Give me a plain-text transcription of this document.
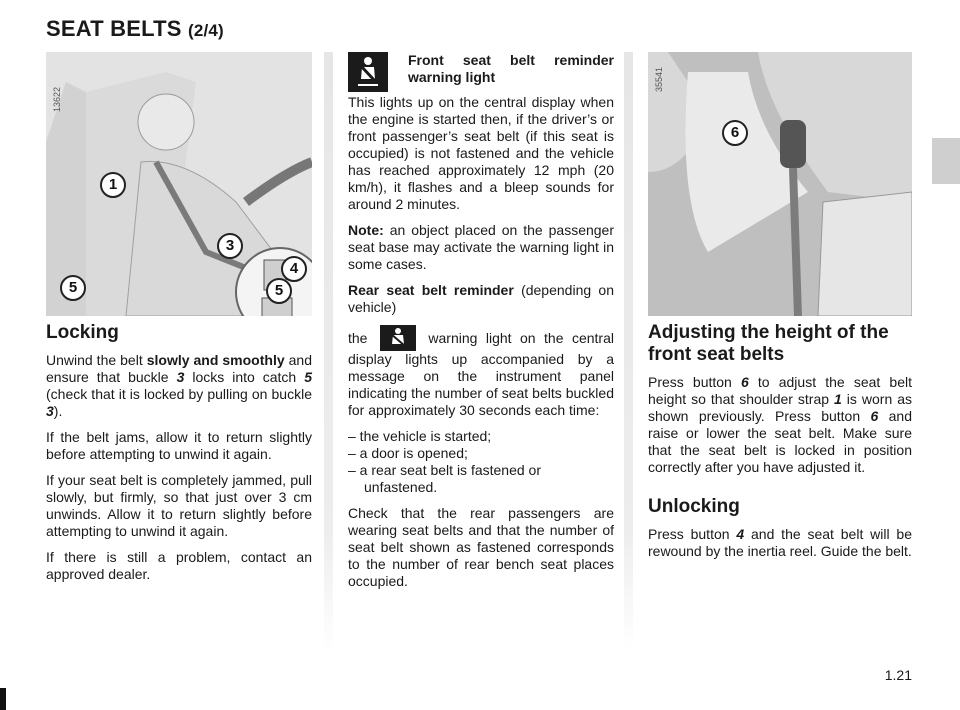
SEAT BELTS (2/4)
13622
1
3
4
5	5
Locking

Unwind the belt slowly and smoothly and ensure that buckle 3 locks into catch 5 (check that it is locked by pulling on buckle 3).

If the belt jams, allow it to return slightly before attempting to unwind it again.

If your seat belt is completely jammed, pull slowly, but firmly, so that just over 3 cm unwinds. Allow it to return slightly before attempting to unwind it again.

If there is still a problem, contact an approved dealer.

Front seat belt reminder warning light

This lights up on the central display when the engine is started then, if the driver’s or front passenger’s seat belt (if this seat is occupied) is not fastened and the vehicle has reached approximately 12 mph (20 km/h), it flashes and a bleep sounds for around 2 minutes.

Note: an object placed on the passenger seat base may activate the warning light in some cases.

Rear seat belt reminder (depending on vehicle)

the	warning light on the central display lights up accompanied by a message on the instrument panel indicating the number of seat belts buckled for approximately 30 seconds each time:

– the vehicle is started;
– a door is opened;
– a rear seat belt is fastened or unfastened.

Check that the rear passengers are wearing seat belts and that the number of seat belt shown as fastened corresponds to the number of rear bench seat places occupied.

35541
6
Adjusting the height of the front seat belts

Press button 6 to adjust the seat belt height so that shoulder strap 1 is worn as shown previously. Press button 6 and raise or lower the seat belt. Make sure that the seat belt is locked in position correctly after you have adjusted it.

Unlocking

Press button 4 and the seat belt will be rewound by the inertia reel. Guide the belt.

1.21
